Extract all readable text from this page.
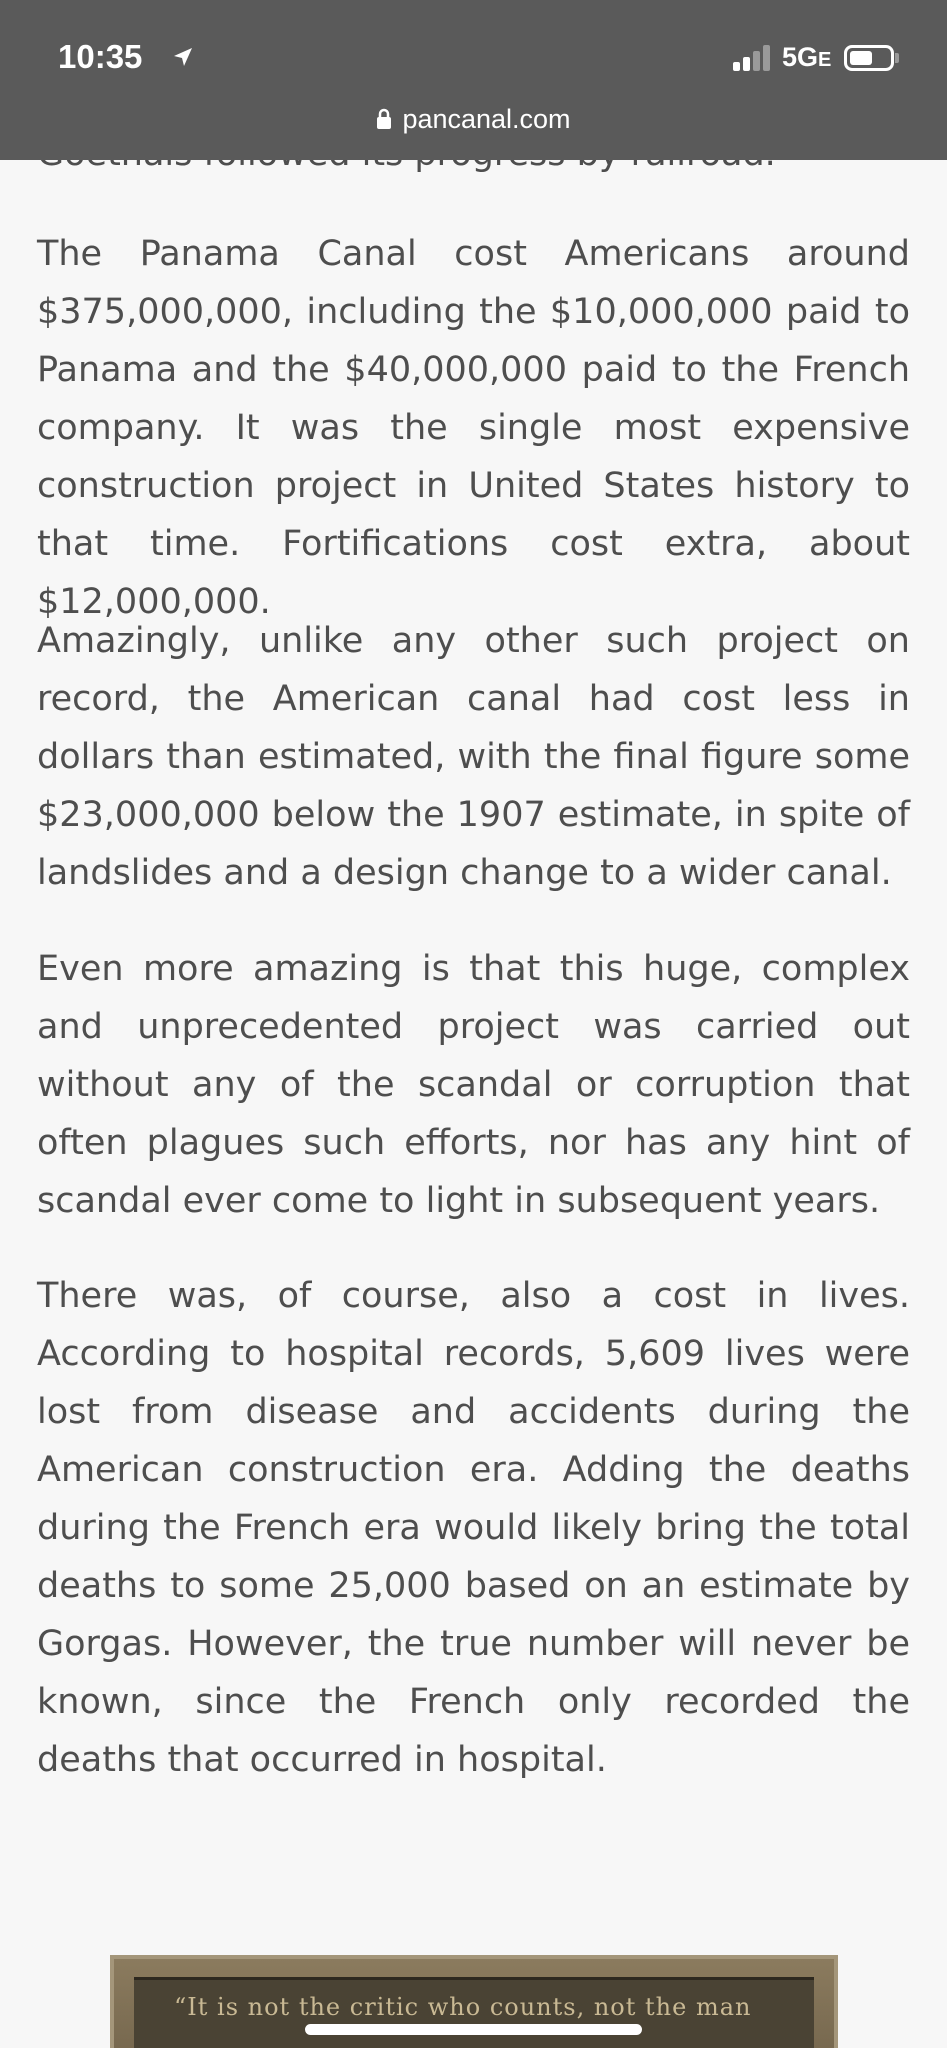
The Panama Canal cost Americans around $375,000,000, including the $10,000,000 paid to Panama and the $40,000,000 paid to the French company. It was the single most expensive construction project in United States history to that time. Fortifications cost extra, about $12,000,000.

Amazingly, unlike any other such project on record, the American canal had cost less in dollars than estimated, with the final figure some $23,000,000 below the 1907 estimate, in spite of landslides and a design change to a wider canal.

Even more amazing is that this huge, complex and unprecedented project was carried out without any of the scandal or corruption that often plagues such efforts, nor has any hint of scandal ever come to light in subsequent years.

There was, of course, also a cost in lives. According to hospital records, 5,609 lives were lost from disease and accidents during the American construction era. Adding the deaths during the French era would likely bring the total deaths to some 25,000 based on an estimate by Gorgas. However, the true number will never be known, since the French only recorded the deaths that occurred in hospital.

“It is not the critic who counts, not the man
10:35	5GE
pancanal.com
